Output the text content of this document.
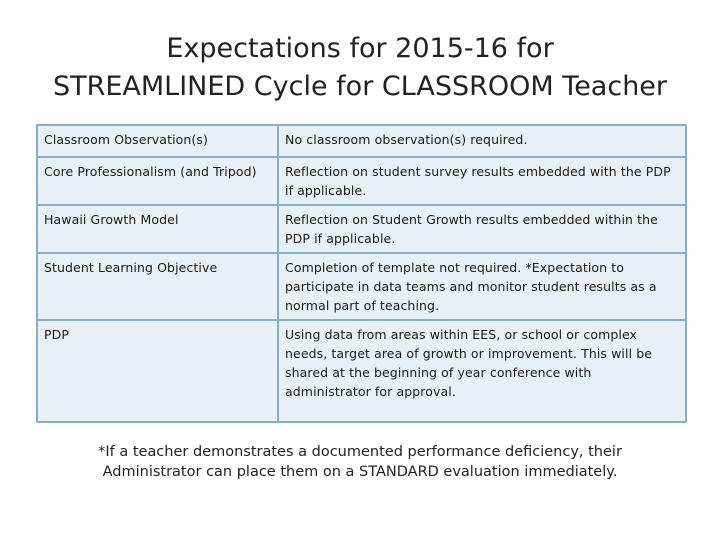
Expectations for 2015-16 for
STREAMLINED Cycle for CLASSROOM Teacher
Classroom Observation(s)	No classroom observation(s) required.
Core Professionalism (and Tripod)	Reflection on student survey results embedded with the PDP if applicable.
Hawaii Growth Model	Reflection on Student Growth results embedded within the PDP if applicable.
Student Learning Objective	Completion of template not required. *Expectation to participate in data teams and monitor student results as a normal part of teaching.
PDP	Using data from areas within EES, or school or complex needs, target area of growth or improvement. This will be shared at the beginning of year conference with administrator for approval.
*If a teacher demonstrates a documented performance deficiency, their
Administrator can place them on a STANDARD evaluation immediately.
